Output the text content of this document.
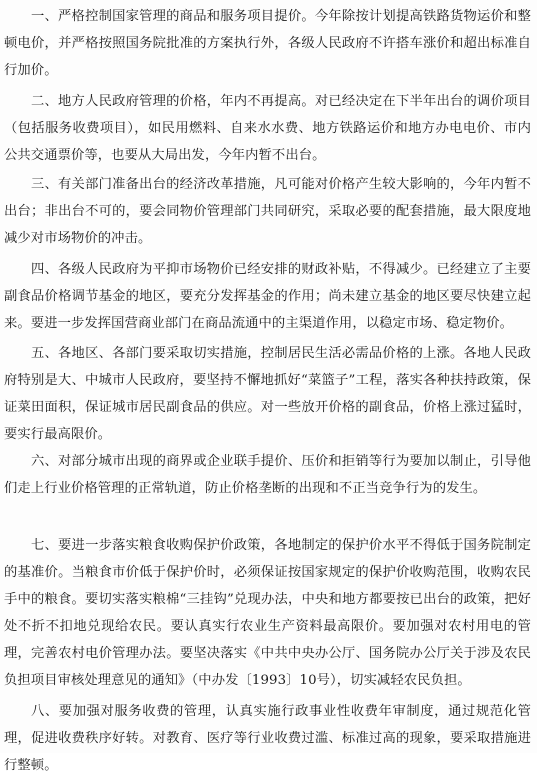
一、严格控制国家管理的商品和服务项目提价。今年除按计划提高铁路货物运价和整顿电价，并严格按照国务院批准的方案执行外，各级人民政府不许搭车涨价和超出标准自行加价。

二、地方人民政府管理的价格，年内不再提高。对已经决定在下半年出台的调价项目（包括服务收费项目），如民用燃料、自来水水费、地方铁路运价和地方办电电价、市内公共交通票价等，也要从大局出发，今年内暂不出台。

三、有关部门准备出台的经济改革措施，凡可能对价格产生较大影响的，今年内暂不出台；非出台不可的，要会同物价管理部门共同研究，采取必要的配套措施，最大限度地减少对市场物价的冲击。

四、各级人民政府为平抑市场物价已经安排的财政补贴，不得减少。已经建立了主要副食品价格调节基金的地区，要充分发挥基金的作用；尚未建立基金的地区要尽快建立起来。要进一步发挥国营商业部门在商品流通中的主渠道作用，以稳定市场、稳定物价。

五、各地区、各部门要采取切实措施，控制居民生活必需品价格的上涨。各地人民政府特别是大、中城市人民政府，要坚持不懈地抓好“菜篮子”工程，落实各种扶持政策，保证菜田面积，保证城市居民副食品的供应。对一些放开价格的副食品，价格上涨过猛时，要实行最高限价。

六、对部分城市出现的商界或企业联手提价、压价和拒销等行为要加以制止，引导他们走上行业价格管理的正常轨道，防止价格垄断的出现和不正当竞争行为的发生。

七、要进一步落实粮食收购保护价政策，各地制定的保护价水平不得低于国务院制定的基准价。当粮食市价低于保护价时，必须保证按国家规定的保护价收购范围，收购农民手中的粮食。要切实落实粮棉“三挂钩”兑现办法，中央和地方都要按已出台的政策，把好处不折不扣地兑现给农民。要认真实行农业生产资料最高限价。要加强对农村用电的管理，完善农村电价管理办法。要坚决落实《中共中央办公厅、国务院办公厅关于涉及农民负担项目审核处理意见的通知》（中办发〔1993〕10号），切实减轻农民负担。

八、要加强对服务收费的管理，认真实施行政事业性收费年审制度，通过规范化管理，促进收费秩序好转。对教育、医疗等行业收费过滥、标准过高的现象，要采取措施进行整顿。
